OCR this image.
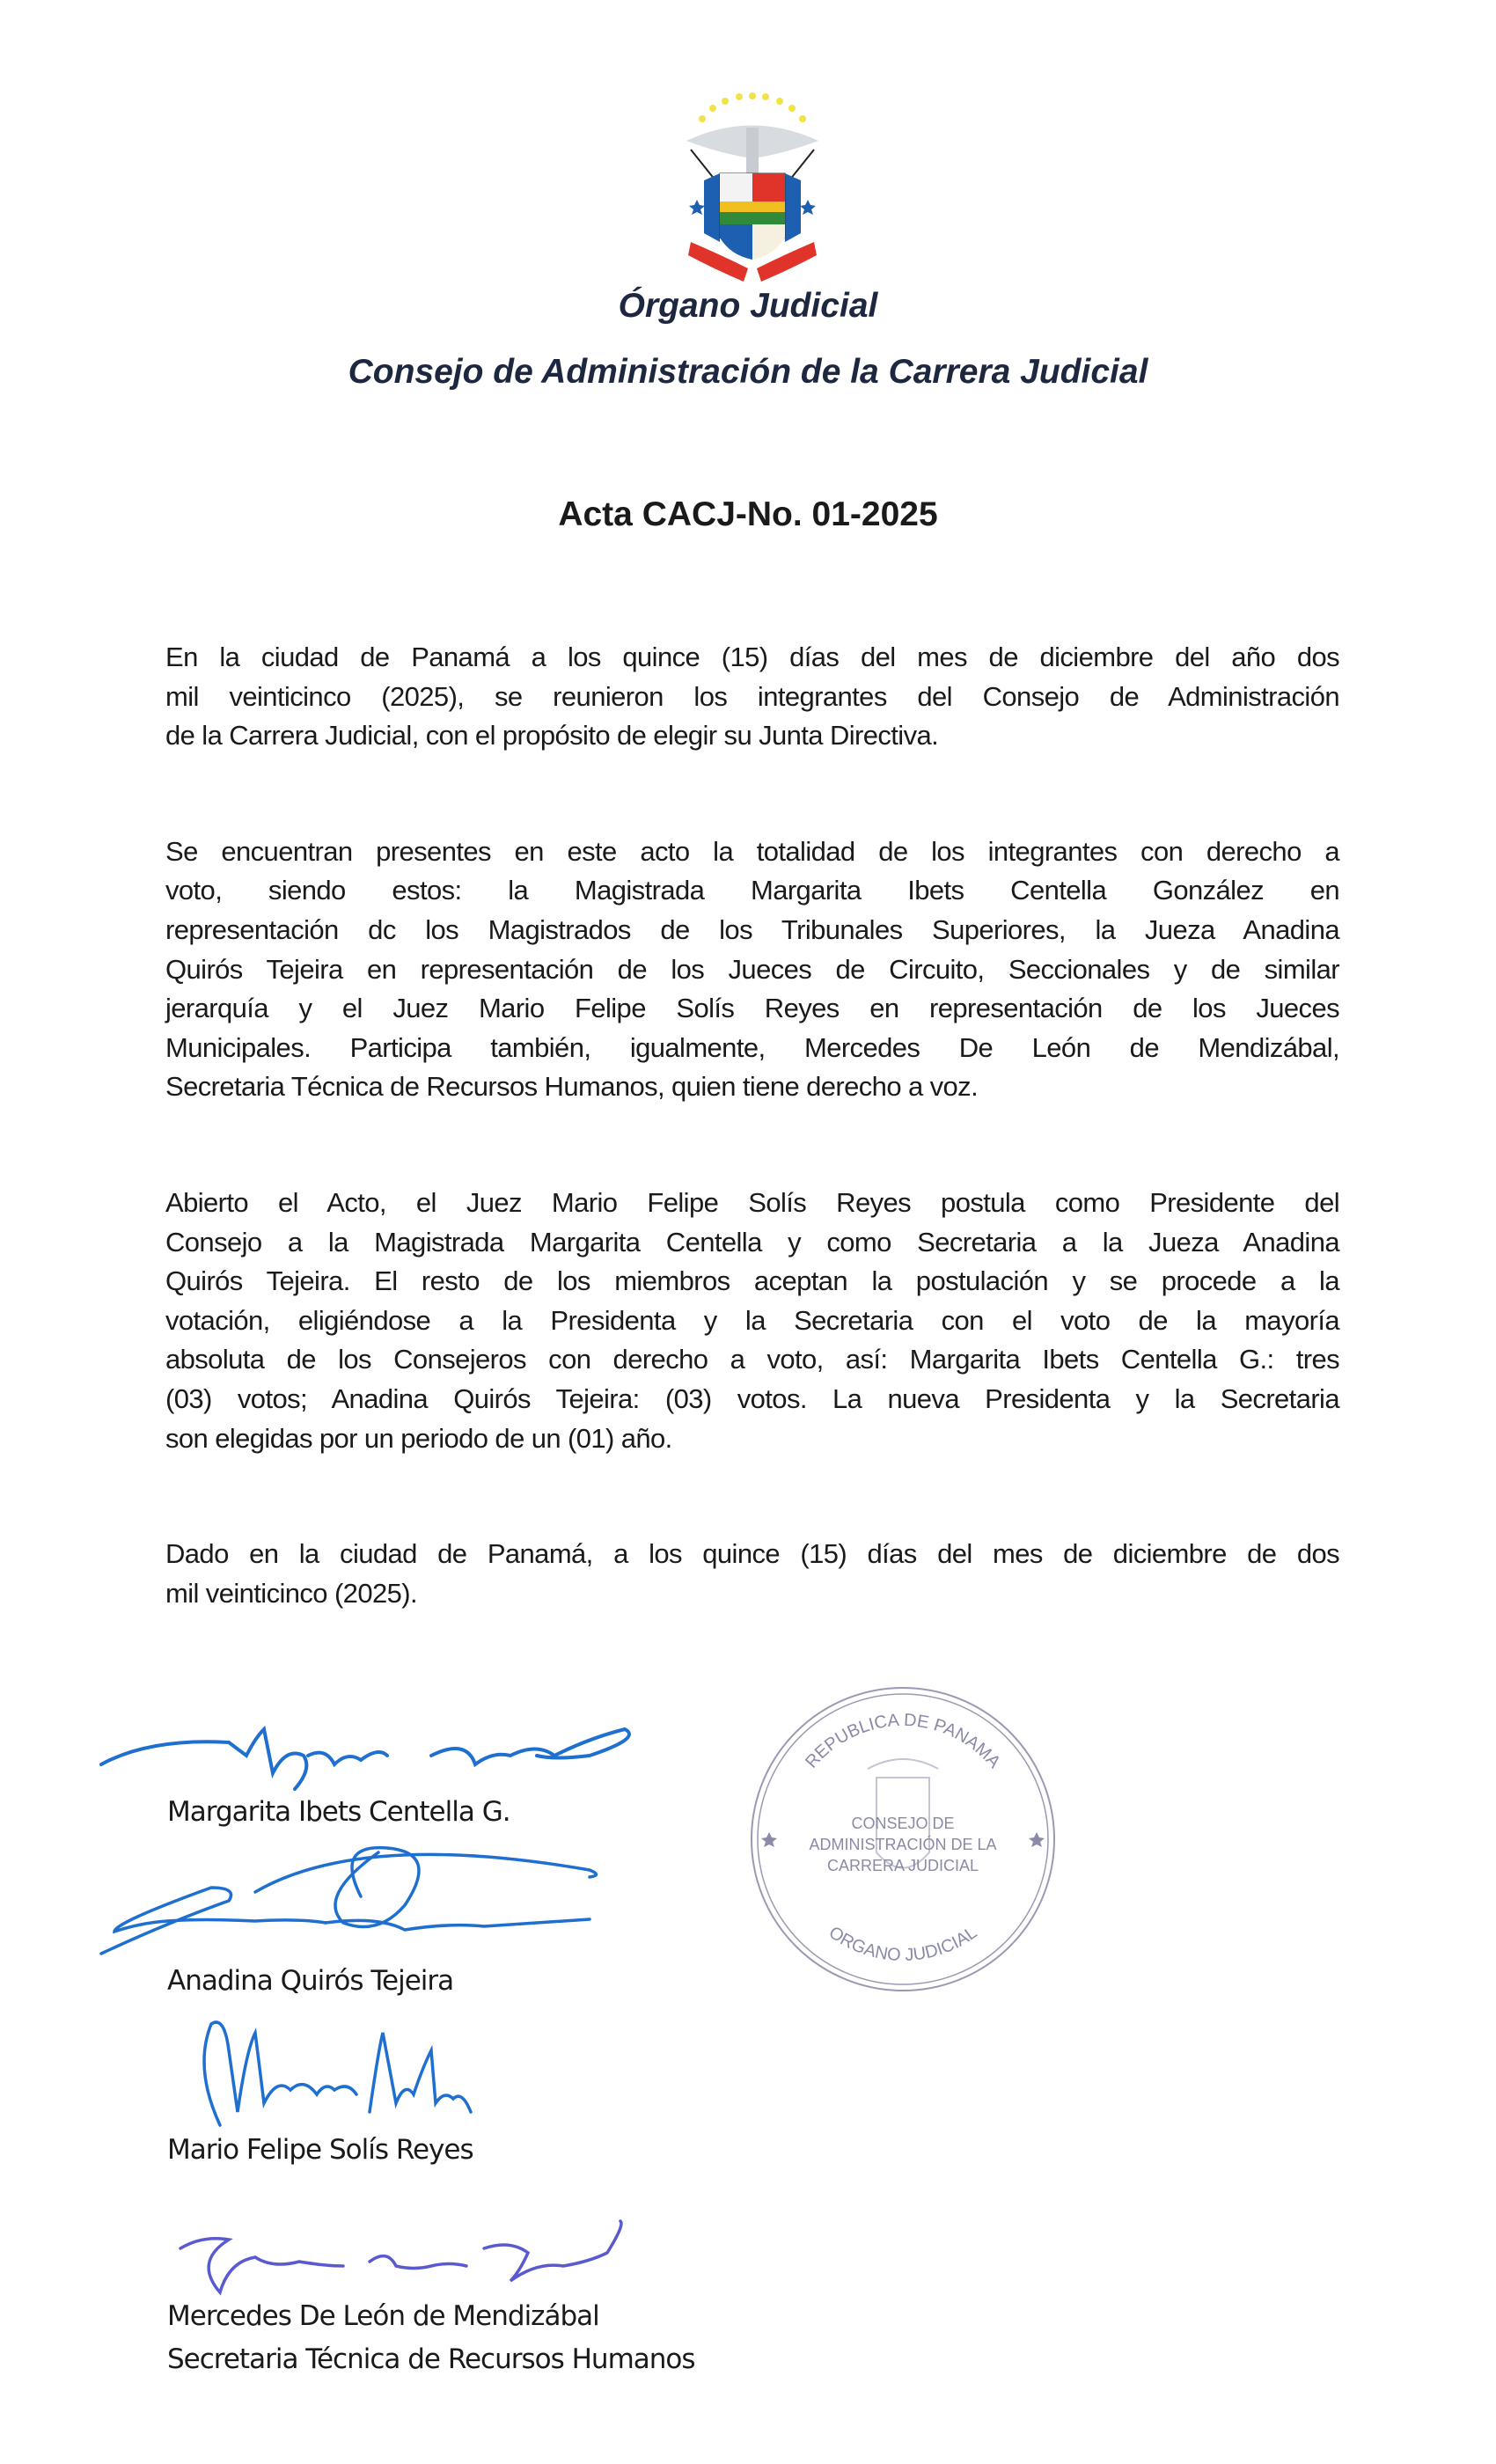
Órgano Judicial
Consejo de Administración de la Carrera Judicial
Acta CACJ-No. 01-2025
En la ciudad de Panamá a los quince (15) días del mes de diciembre del año dos
mil veinticinco (2025), se reunieron los integrantes del Consejo de Administración
de la Carrera Judicial, con el propósito de elegir su Junta Directiva.
Se encuentran presentes en este acto la totalidad de los integrantes con derecho a
voto, siendo estos: la Magistrada Margarita Ibets Centella González en
representación dc los Magistrados de los Tribunales Superiores, la Jueza Anadina
Quirós Tejeira en representación de los Jueces de Circuito, Seccionales y de similar
jerarquía y el Juez Mario Felipe Solís Reyes en representación de los Jueces
Municipales. Participa también, igualmente, Mercedes De León de Mendizábal,
Secretaria Técnica de Recursos Humanos, quien tiene derecho a voz.
Abierto el Acto, el Juez Mario Felipe Solís Reyes postula como Presidente del
Consejo a la Magistrada Margarita Centella y como Secretaria a la Jueza Anadina
Quirós Tejeira. El resto de los miembros aceptan la postulación y se procede a la
votación, eligiéndose a la Presidenta y la Secretaria con el voto de la mayoría
absoluta de los Consejeros con derecho a voto, así: Margarita Ibets Centella G.: tres
(03) votos; Anadina Quirós Tejeira: (03) votos. La nueva Presidenta y la Secretaria
son elegidas por un periodo de un (01) año.
Dado en la ciudad de Panamá, a los quince (15) días del mes de diciembre de dos
mil veinticinco (2025).
REPUBLICA DE PANAMA
ORGANO JUDICIAL
CONSEJO DE ADMINISTRACIÓN DE LA CARRERA JUDICIAL
Margarita Ibets Centella G.
Anadina Quirós Tejeira
Mario Felipe Solís Reyes
Mercedes De León de Mendizábal
Secretaria Técnica de Recursos Humanos
